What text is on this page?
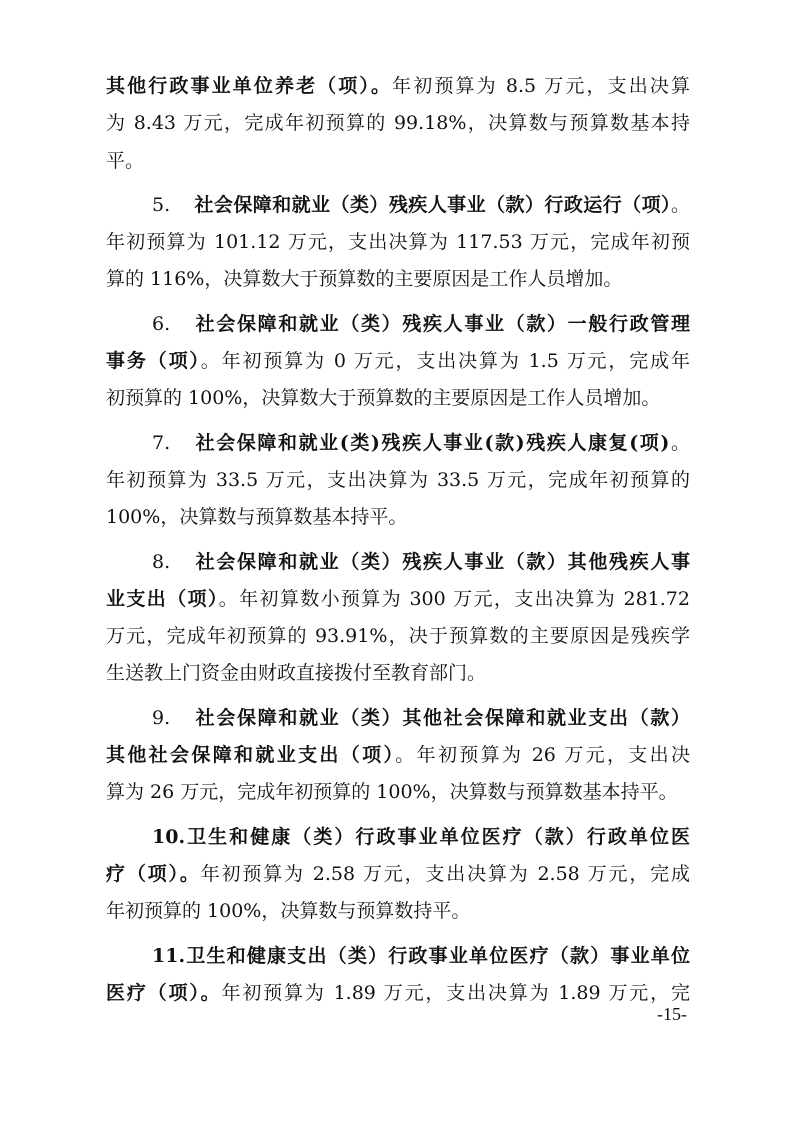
其他行政事业单位养老（项）。年初预算为 8.5 万元，支出决算
为 8.43 万元，完成年初预算的 99.18%，决算数与预算数基本持
平。
5. 社会保障和就业（类）残疾人事业（款）行政运行（项）。
年初预算为 101.12 万元，支出决算为 117.53 万元，完成年初预
算的 116%，决算数大于预算数的主要原因是工作人员增加。
6. 社会保障和就业（类）残疾人事业（款）一般行政管理
事务（项）。年初预算为 0 万元，支出决算为 1.5 万元，完成年
初预算的 100%，决算数大于预算数的主要原因是工作人员增加。
7. 社会保障和就业(类)残疾人事业(款)残疾人康复(项)。
年初预算为 33.5 万元，支出决算为 33.5 万元，完成年初预算的
100%，决算数与预算数基本持平。
8. 社会保障和就业（类）残疾人事业（款）其他残疾人事
业支出（项）。年初算数小预算为 300 万元，支出决算为 281.72
万元，完成年初预算的 93.91%，决于预算数的主要原因是残疾学
生送教上门资金由财政直接拨付至教育部门。
9. 社会保障和就业（类）其他社会保障和就业支出（款）
其他社会保障和就业支出（项）。年初预算为 26 万元，支出决
算为 26 万元，完成年初预算的 100%，决算数与预算数基本持平。
10.卫生和健康（类）行政事业单位医疗（款）行政单位医
疗（项）。年初预算为 2.58 万元，支出决算为 2.58 万元，完成
年初预算的 100%，决算数与预算数持平。
11.卫生和健康支出（类）行政事业单位医疗（款）事业单位
医疗（项）。年初预算为 1.89 万元，支出决算为 1.89 万元，完
-15-
